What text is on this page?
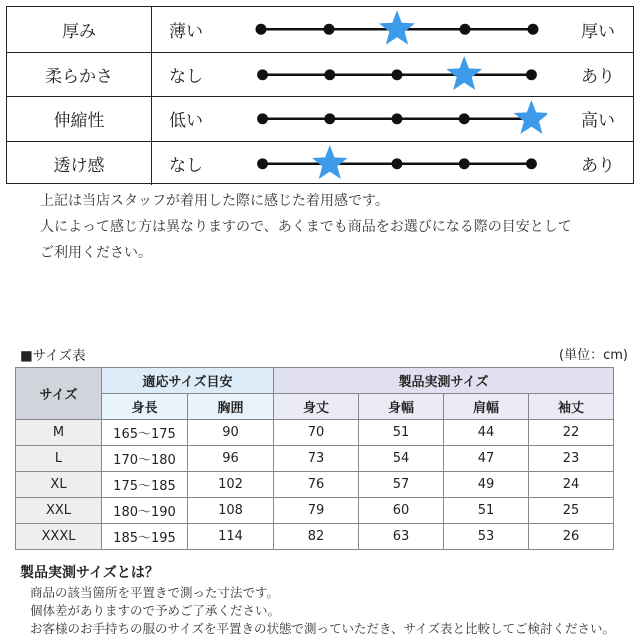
厚み	薄い	厚い
柔らかさ	なし	あり
伸縮性	低い	高い
透け感	なし	あり
上記は当店スタッフが着用した際に感じた着用感です。
人によって感じ方は異なりますので、あくまでも商品をお選びになる際の目安として
ご利用ください。
■サイズ表	(単位：cm)
サイズ	適応サイズ目安		製品実測サイズ			
	身長	胸囲	身丈	身幅	肩幅	袖丈
M	165〜175	90	70	51	44	22
L	170〜180	96	73	54	47	23
XL	175〜185	102	76	57	49	24
XXL	180〜190	108	79	60	51	25
XXXL	185〜195	114	82	63	53	26
製品実測サイズとは？
商品の該当箇所を平置きで測った寸法です。
個体差がありますので予めご了承ください。
お客様のお手持ちの服のサイズを平置きの状態で測っていただき、サイズ表と比較してご検討ください。
